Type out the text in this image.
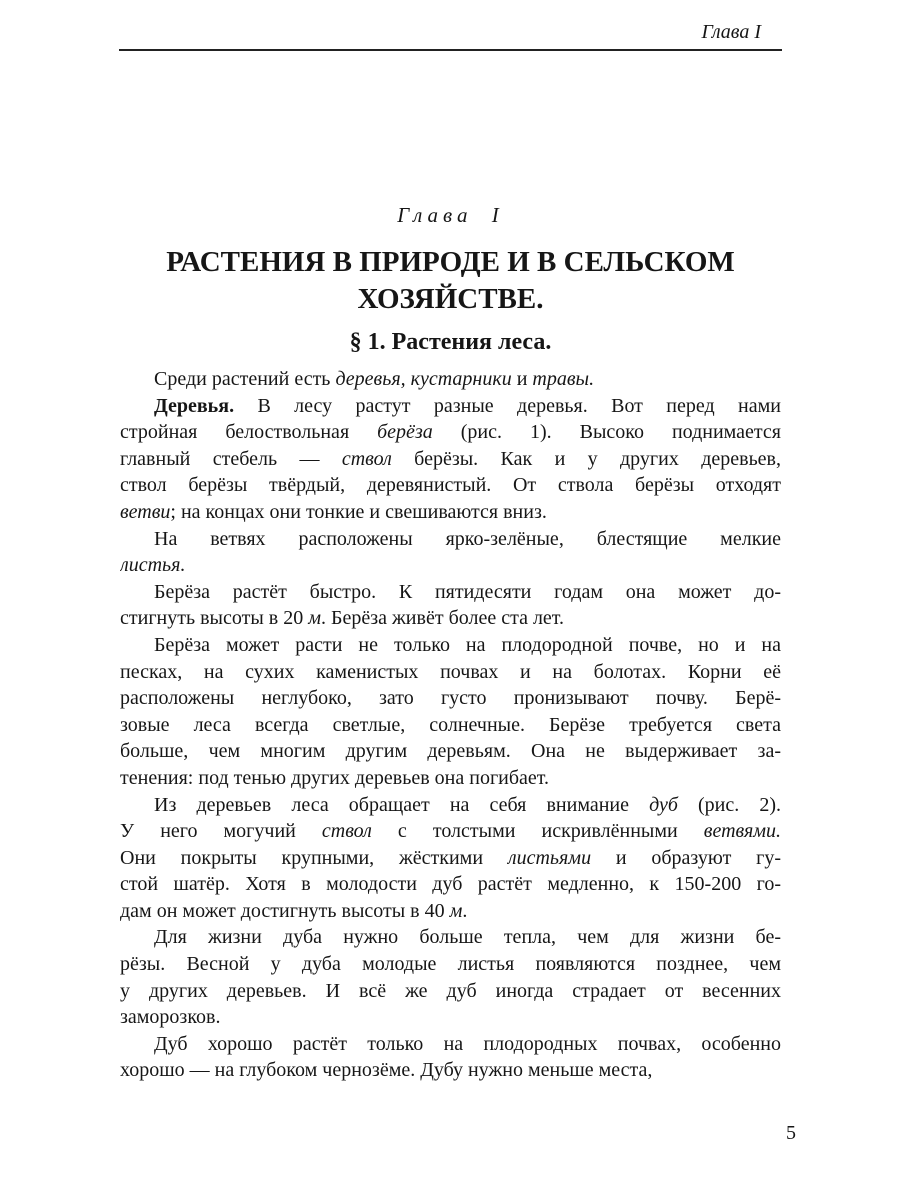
Глава I
Глава I
РАСТЕНИЯ В ПРИРОДЕ И В СЕЛЬСКОМ
ХОЗЯЙСТВЕ.
§ 1. Растения леса.
Среди растений есть деревья, кустарники и травы.
Деревья. В лесу растут разные деревья. Вот перед нами
стройная белоствольная берёза (рис. 1). Высоко поднимается
главный стебель — ствол берёзы. Как и у других деревьев,
ствол берёзы твёрдый, деревянистый. От ствола берёзы отходят
ветви; на концах они тонкие и свешиваются вниз.
На ветвях расположены ярко-зелёные, блестящие мелкие
листья.
Берёза растёт быстро. К пятидесяти годам она может до-
стигнуть высоты в 20 м. Берёза живёт более ста лет.
Берёза может расти не только на плодородной почве, но и на
песках, на сухих каменистых почвах и на болотах. Корни её
расположены неглубоко, зато густо пронизывают почву. Берё-
зовые леса всегда светлые, солнечные. Берёзе требуется света
больше, чем многим другим деревьям. Она не выдерживает за-
тенения: под тенью других деревьев она погибает.
Из деревьев леса обращает на себя внимание дуб (рис. 2).
У него могучий ствол с толстыми искривлёнными ветвями.
Они покрыты крупными, жёсткими листьями и образуют гу-
стой шатёр. Хотя в молодости дуб растёт медленно, к 150-200 го-
дам он может достигнуть высоты в 40 м.
Для жизни дуба нужно больше тепла, чем для жизни бе-
рёзы. Весной у дуба молодые листья появляются позднее, чем
у других деревьев. И всё же дуб иногда страдает от весенних
заморозков.
Дуб хорошо растёт только на плодородных почвах, особенно
хорошо — на глубоком чернозёме. Дубу нужно меньше места,
5
